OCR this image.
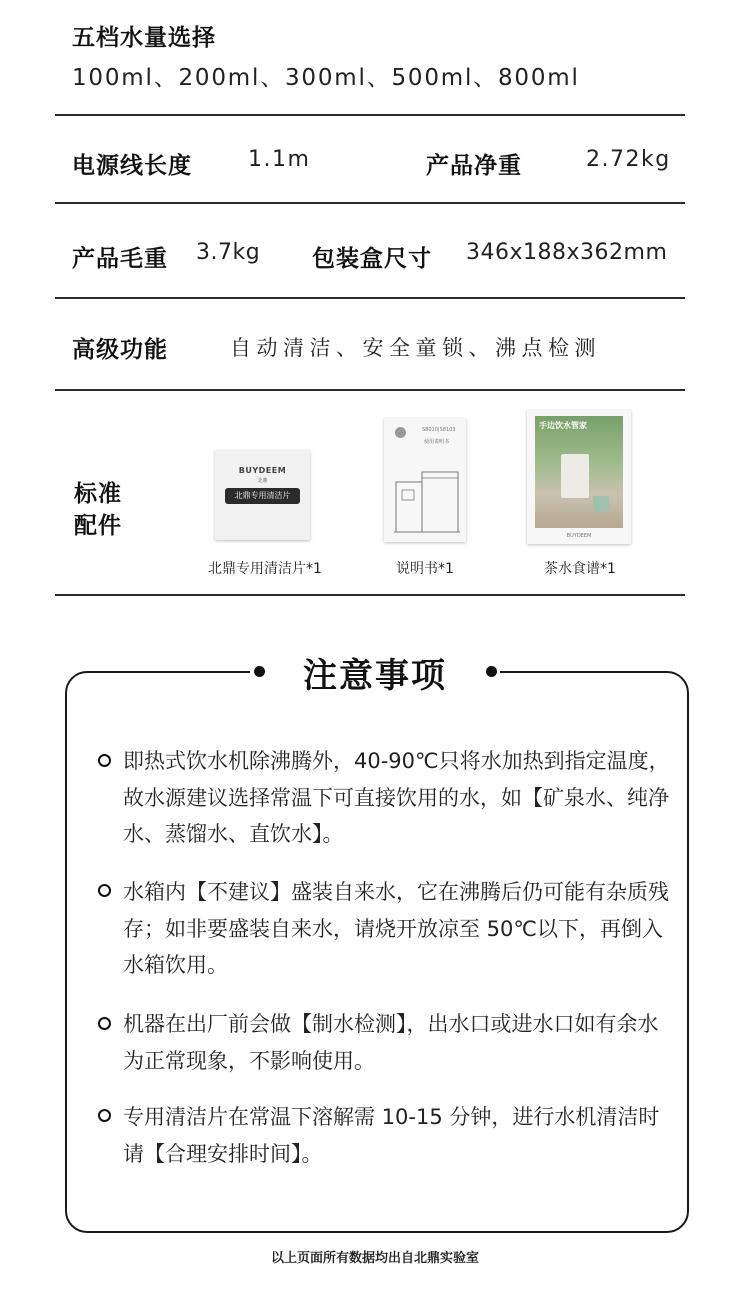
五档水量选择
100ml、200ml、300ml、500ml、800ml
电源线长度	1.1m	产品净重	2.72kg
产品毛重 3.7kg 包装盒尺寸 346x188x362mm
高级功能	自动清洁、安全童锁、沸点检测
标准
配件
BUYDEEM
北鼎
北鼎专用清洁片
北鼎专用清洁片*1
S8010|S8103
使用说明书
说明书*1
手边饮水管家
BUYDEEM
茶水食谱*1
注意事项
即热式饮水机除沸腾外，40-90℃只将水加热到指定温度，故水源建议选择常温下可直接饮用的水，如【矿泉水、纯净水、蒸馏水、直饮水】。
水箱内【不建议】盛装自来水，它在沸腾后仍可能有杂质残存；如非要盛装自来水，请烧开放凉至 50℃以下，再倒入水箱饮用。
机器在出厂前会做【制水检测】，出水口或进水口如有余水为正常现象，不影响使用。
专用清洁片在常温下溶解需 10-15 分钟，进行水机清洁时请【合理安排时间】。
以上页面所有数据均出自北鼎实验室
